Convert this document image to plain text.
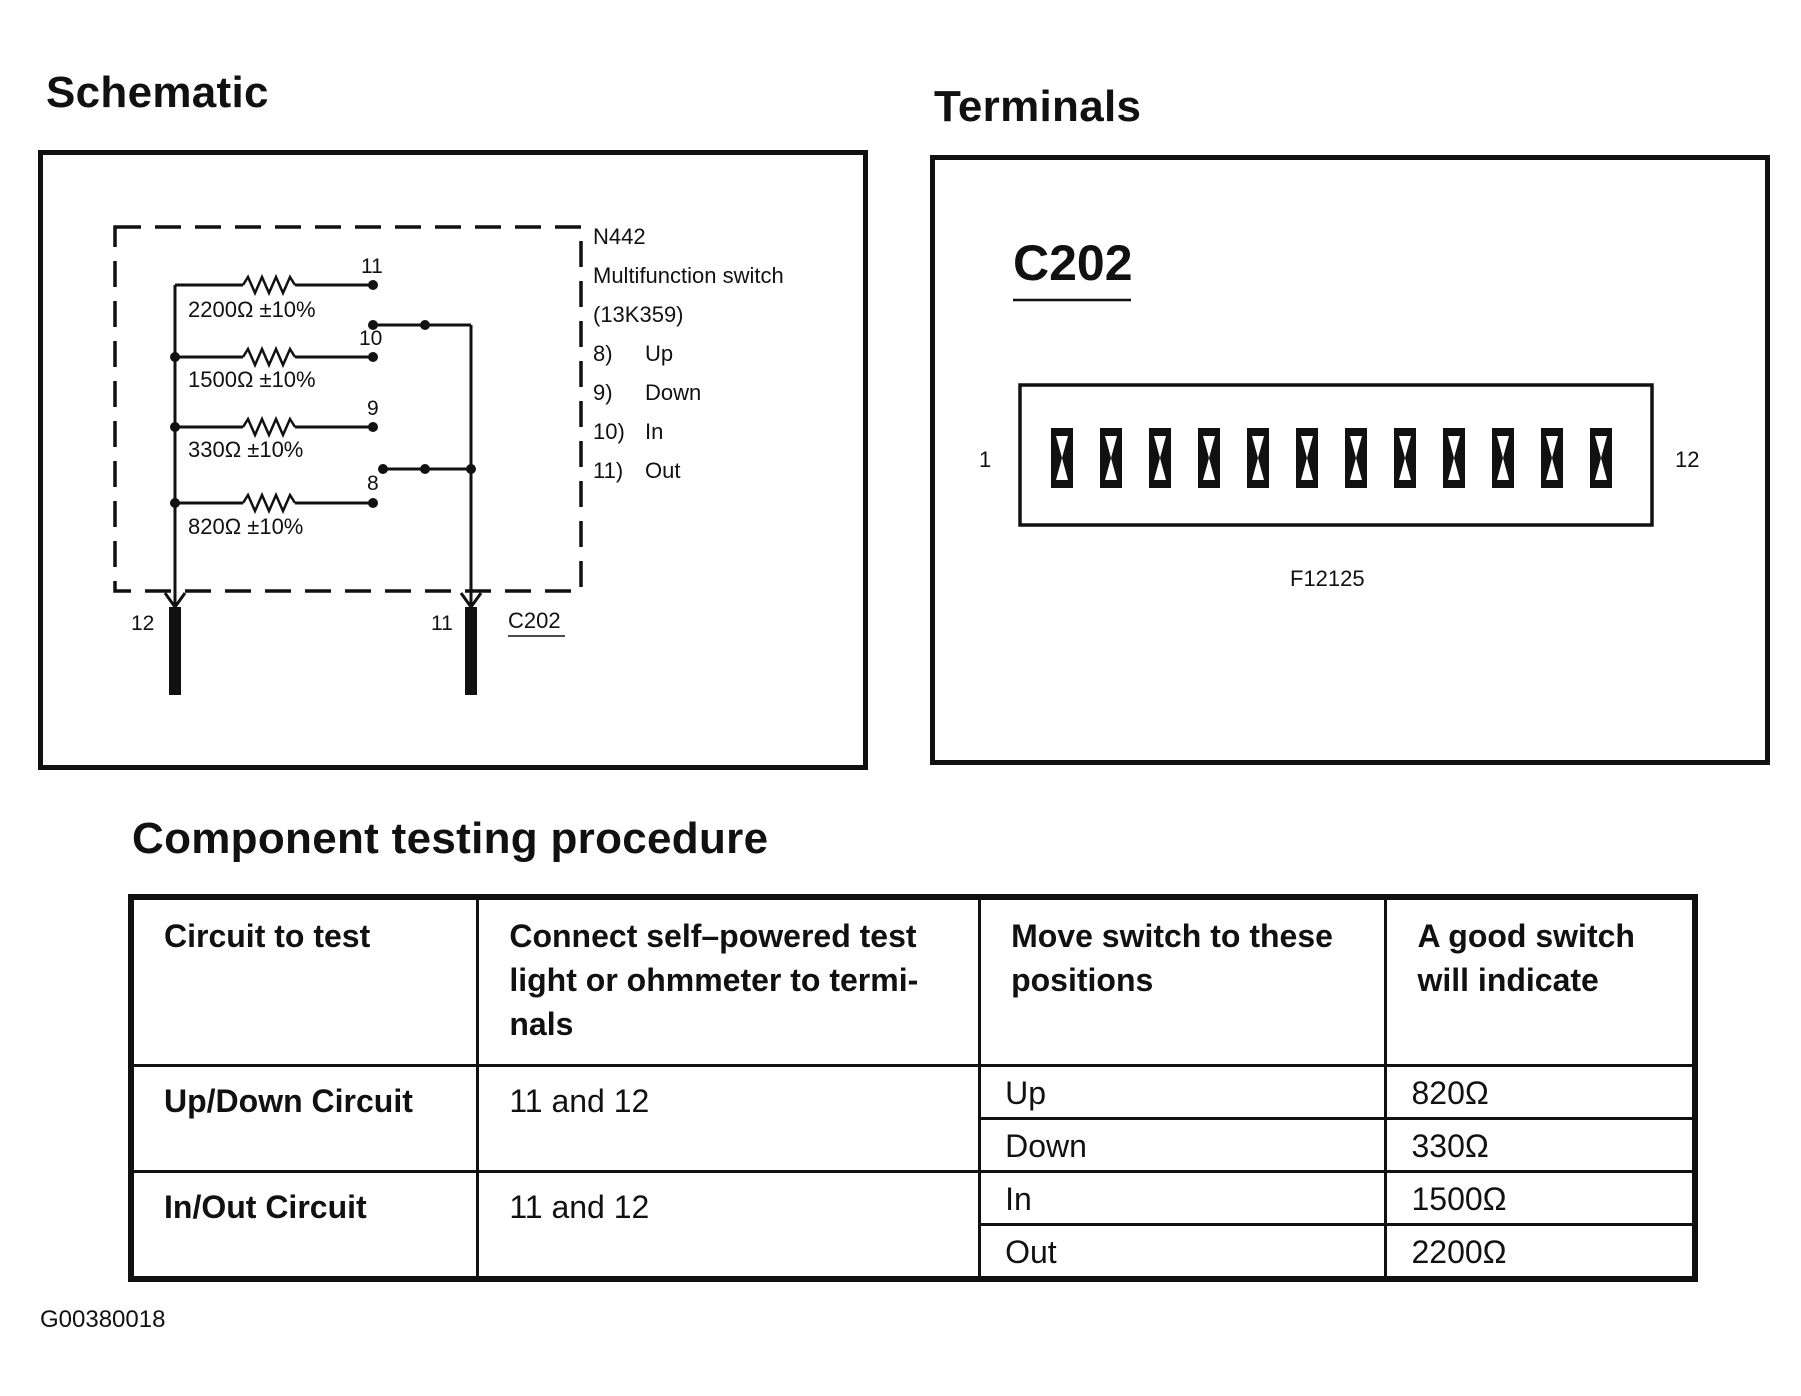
Schematic
2200Ω ±10%
1500Ω ±10%
330Ω ±10%
820Ω ±10%
11
10
9
8
12	11	C202
N442
Multifunction switch
(13K359)
8) Up
9) Down
10) In
11) Out
Terminals
C202
1	12
F12125
Component testing procedure
Circuit to test	Connect self–powered test light or ohmmeter to termi- nals	Move switch to these positions	A good switch will indicate
Up/Down Circuit	11 and 12	Up	820Ω
		Down	330Ω
In/Out Circuit	11 and 12	In	1500Ω
		Out	2200Ω
G00380018
